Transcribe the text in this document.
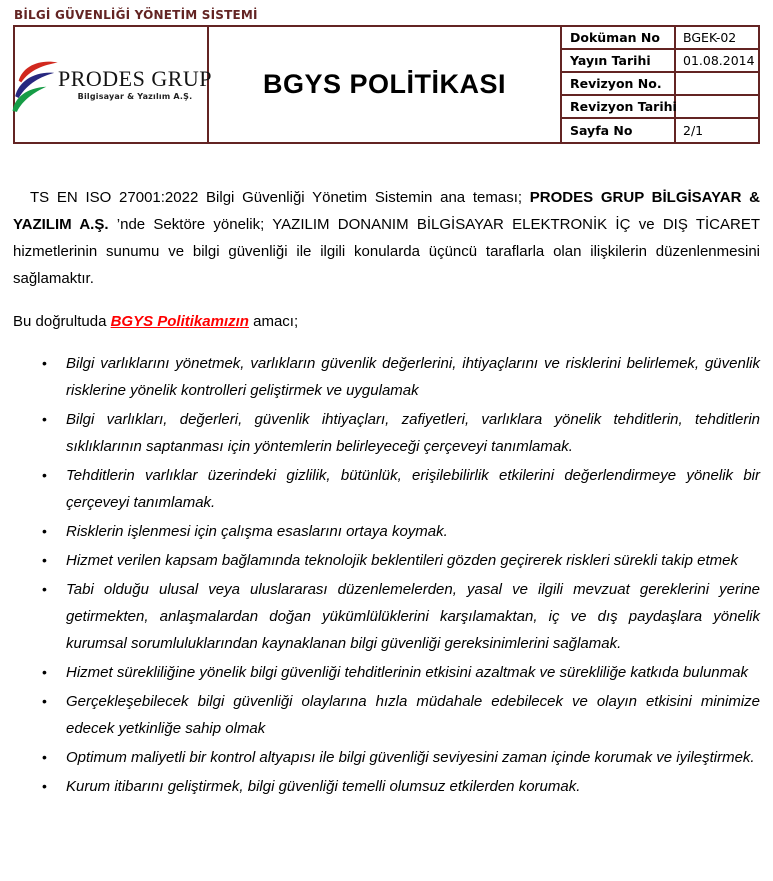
BİLGİ GÜVENLİĞİ YÖNETİM SİSTEMİ
PRODES GRUP
Bilgisayar & Yazılım A.Ş.	BGYS POLİTİKASI
Doküman No	BGEK-02
Yayın Tarihi	01.08.2014
Revizyon No.
Revizyon Tarihi
Sayfa No	2/1

TS EN ISO 27001:2022 Bilgi Güvenliği Yönetim Sistemin ana teması; PRODES GRUP BİLGİSAYAR & YAZILIM A.Ş. ’nde Sektöre yönelik; YAZILIM DONANIM BİLGİSAYAR ELEKTRONİK İÇ ve DIŞ TİCARET hizmetlerinin sunumu ve bilgi güvenliği ile ilgili konularda üçüncü taraflarla olan ilişkilerin düzenlenmesini sağlamaktır.

Bu doğrultuda BGYS Politikamızın amacı;

• Bilgi varlıklarını yönetmek, varlıkların güvenlik değerlerini, ihtiyaçlarını ve risklerini belirlemek, güvenlik risklerine yönelik kontrolleri geliştirmek ve uygulamak
• Bilgi varlıkları, değerleri, güvenlik ihtiyaçları, zafiyetleri, varlıklara yönelik tehditlerin, tehditlerin sıklıklarının saptanması için yöntemlerin belirleyeceği çerçeveyi tanımlamak.
• Tehditlerin varlıklar üzerindeki gizlilik, bütünlük, erişilebilirlik etkilerini değerlendirmeye yönelik bir çerçeveyi tanımlamak.
• Risklerin işlenmesi için çalışma esaslarını ortaya koymak.
• Hizmet verilen kapsam bağlamında teknolojik beklentileri gözden geçirerek riskleri sürekli takip etmek
• Tabi olduğu ulusal veya uluslararası düzenlemelerden, yasal ve ilgili mevzuat gereklerini yerine getirmekten, anlaşmalardan doğan yükümlülüklerini karşılamaktan, iç ve dış paydaşlara yönelik kurumsal sorumluluklarından kaynaklanan bilgi güvenliği gereksinimlerini sağlamak.
• Hizmet sürekliliğine yönelik bilgi güvenliği tehditlerinin etkisini azaltmak ve sürekliliğe katkıda bulunmak
• Gerçekleşebilecek bilgi güvenliği olaylarına hızla müdahale edebilecek ve olayın etkisini minimize edecek yetkinliğe sahip olmak
• Optimum maliyetli bir kontrol altyapısı ile bilgi güvenliği seviyesini zaman içinde korumak ve iyileştirmek.
• Kurum itibarını geliştirmek, bilgi güvenliği temelli olumsuz etkilerden korumak.
